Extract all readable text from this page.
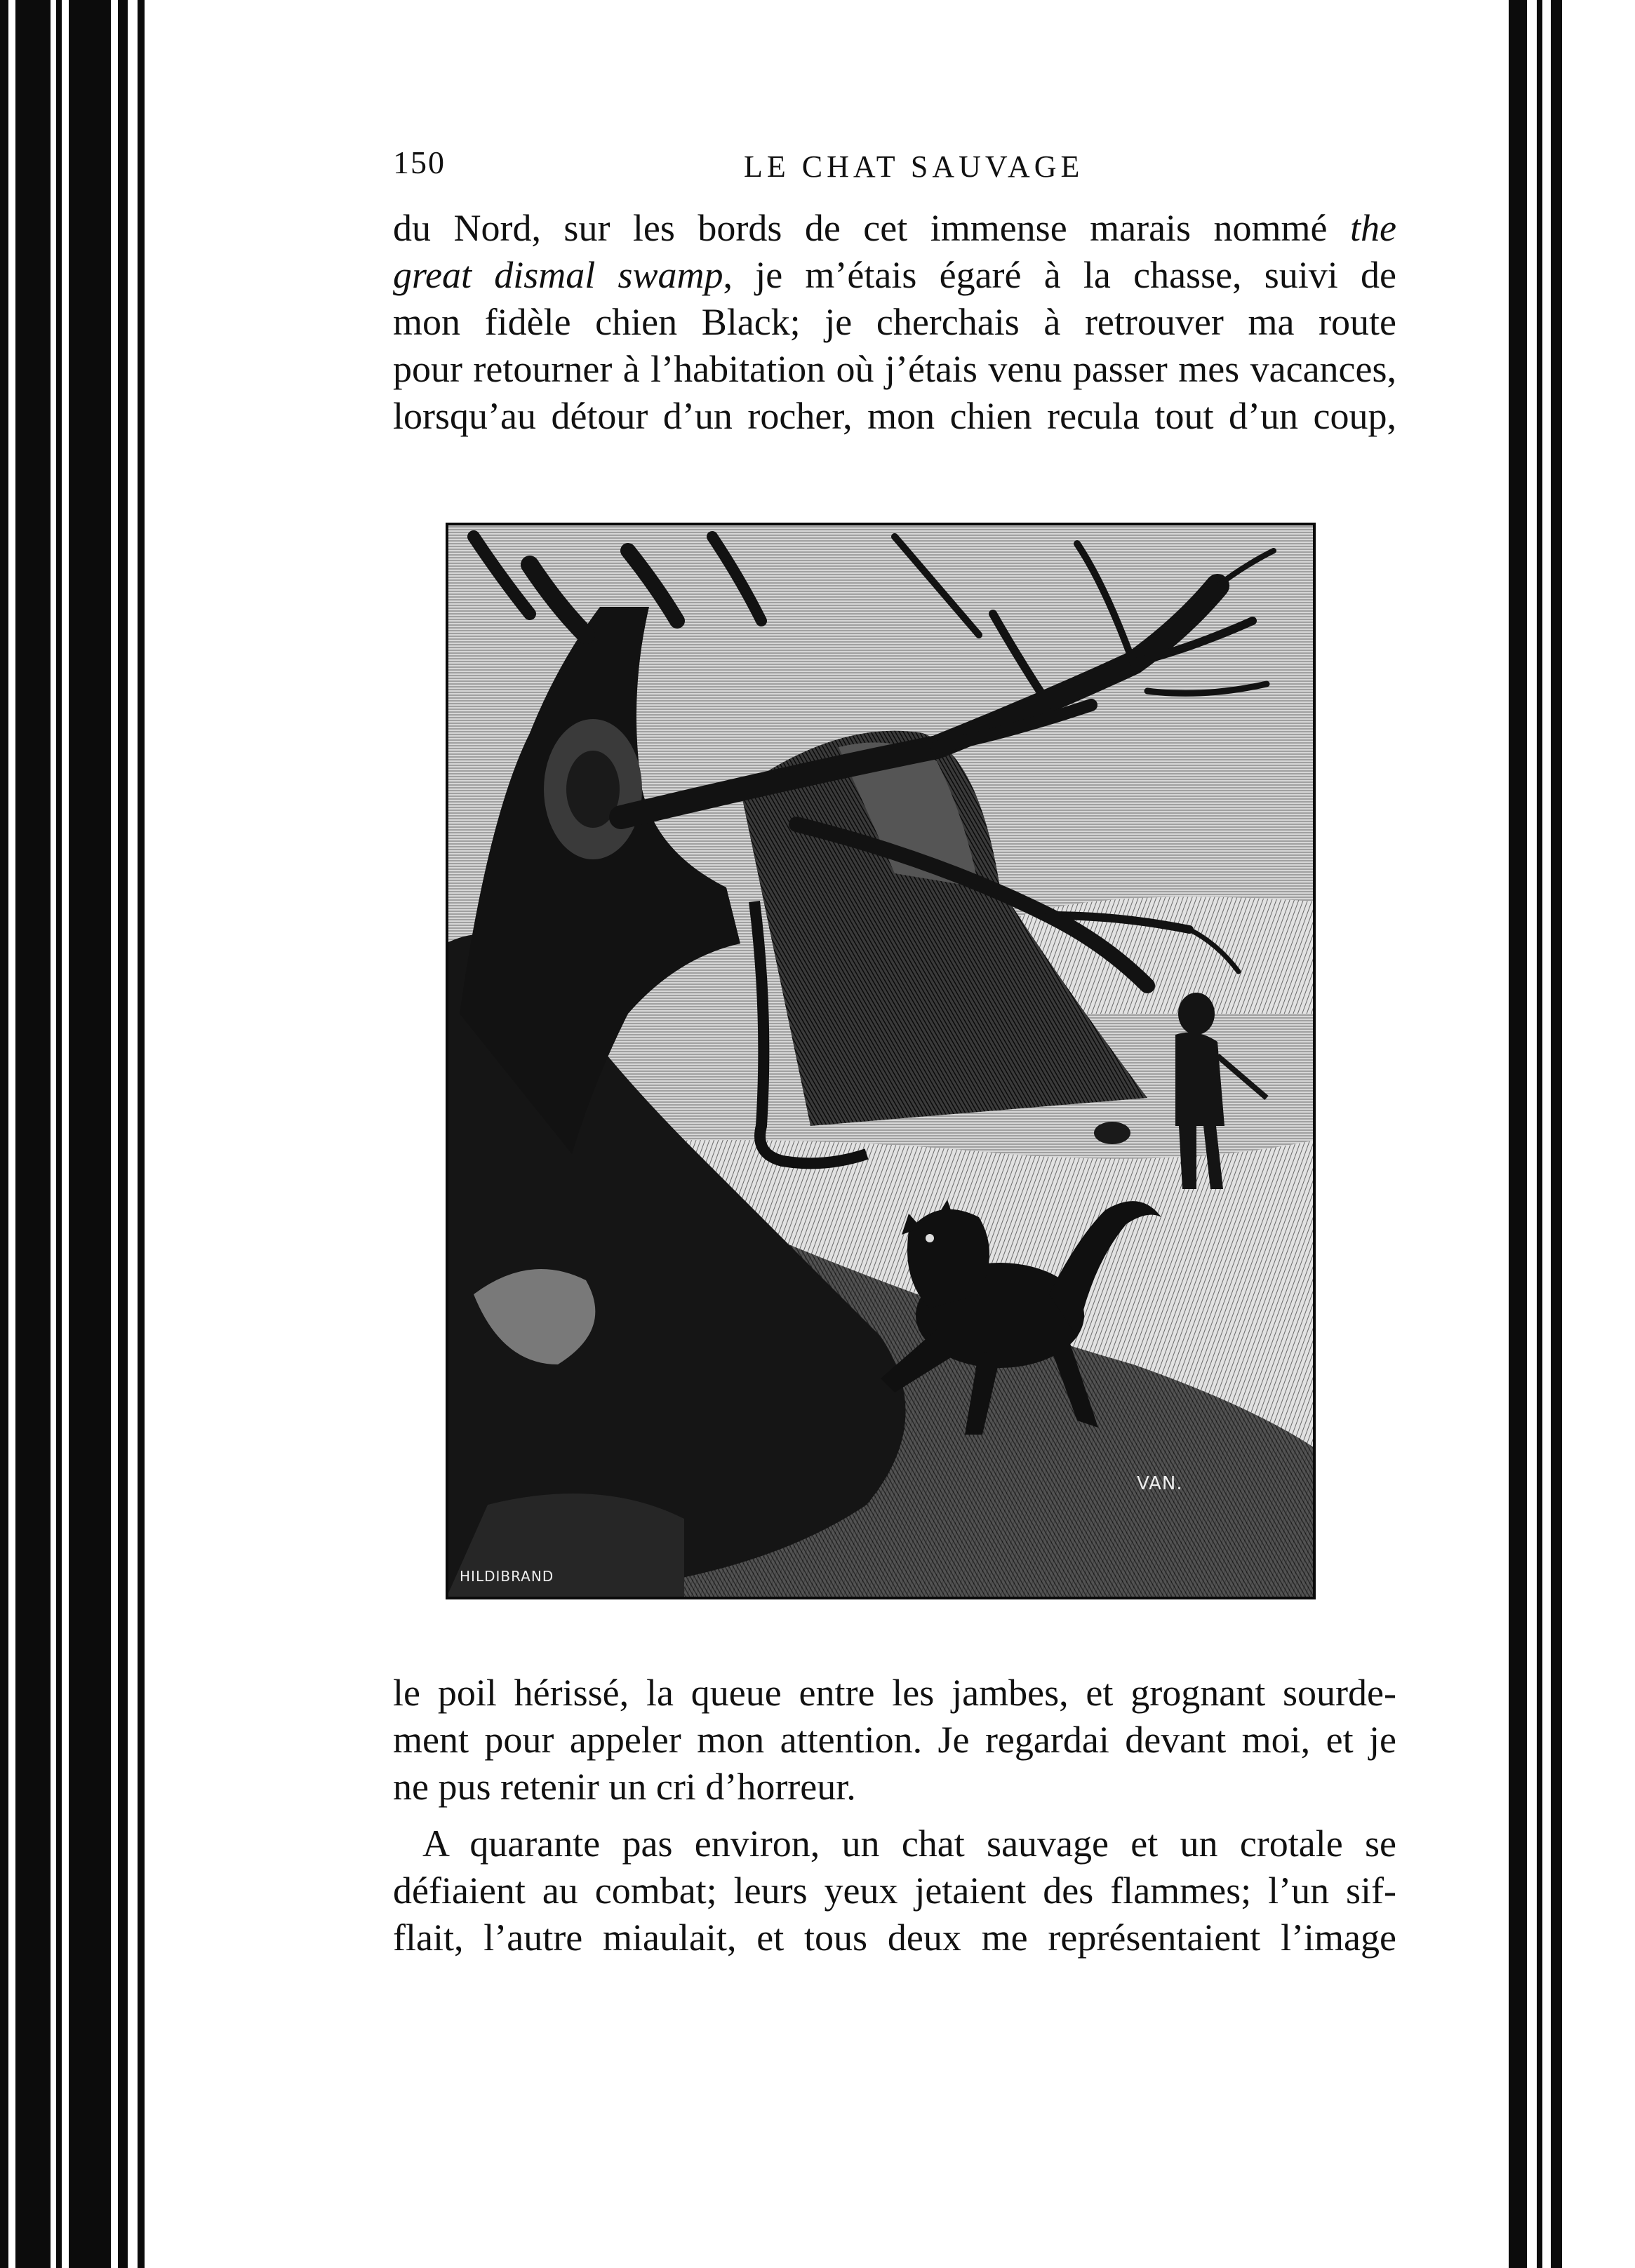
150	LE CHAT SAUVAGE
du Nord, sur les bords de cet immense marais nommé the
great dismal swamp, je m’étais égaré à la chasse, suivi de
mon fidèle chien Black; je cherchais à retrouver ma route
pour retourner à l’habitation où j’étais venu passer mes vacances,
lorsqu’au détour d’un rocher, mon chien recula tout d’un coup,
VAN.
HILDIBRAND
le poil hérissé, la queue entre les jambes, et grognant sourde-
ment pour appeler mon attention. Je regardai devant moi, et je
ne pus retenir un cri d’horreur.
A quarante pas environ, un chat sauvage et un crotale se
défiaient au combat; leurs yeux jetaient des flammes; l’un sif-
flait, l’autre miaulait, et tous deux me représentaient l’image
